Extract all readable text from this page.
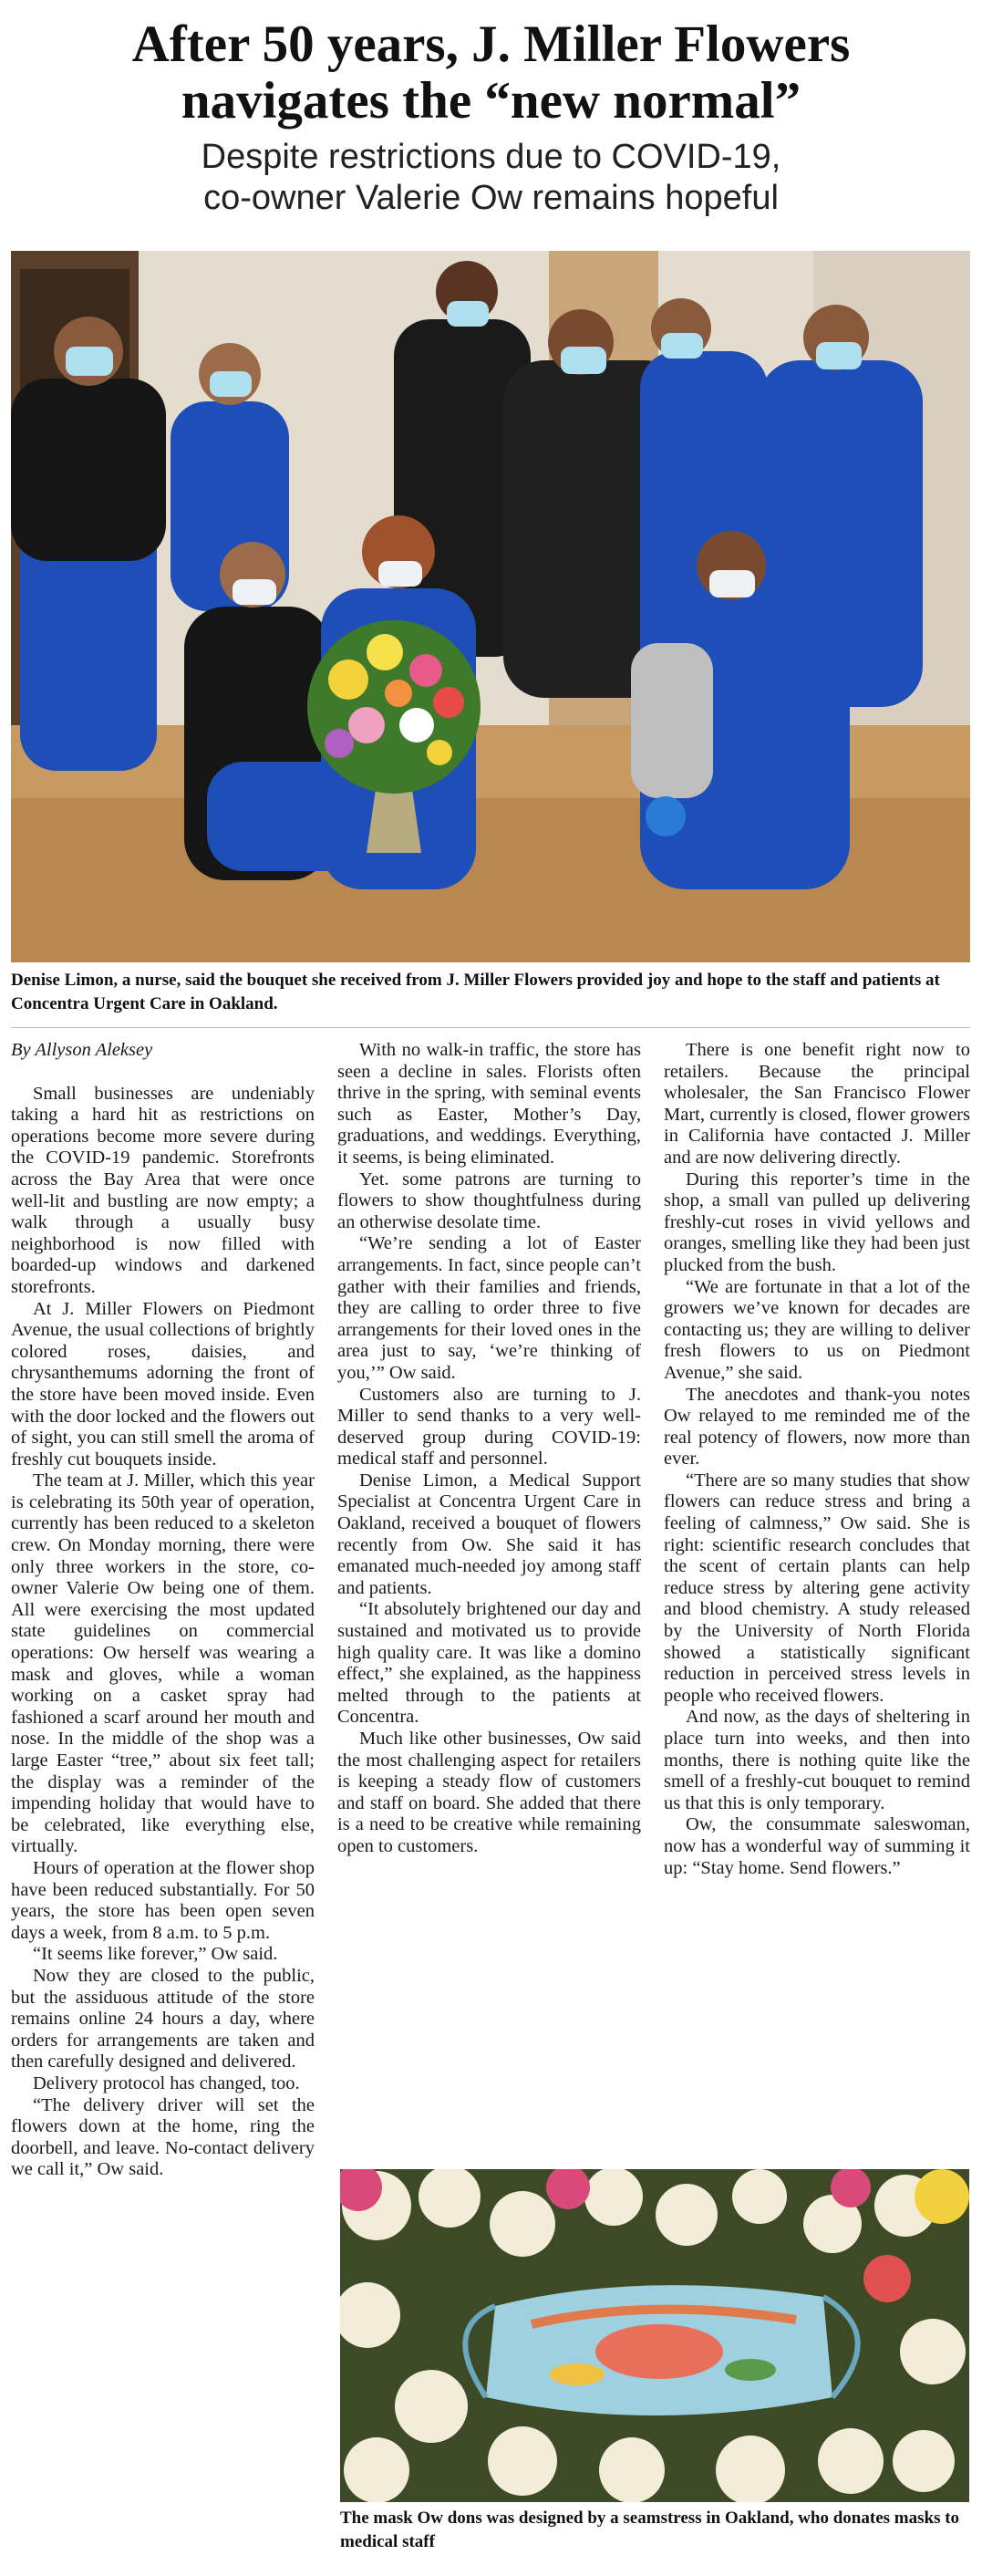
After 50 years, J. Miller Flowers
navigates the “new normal”
Despite restrictions due to COVID-19,
co-owner Valerie Ow remains hopeful
Denise Limon, a nurse, said the bouquet she received from J. Miller Flowers provided joy and hope to the staff and patients at Concentra Urgent Care in Oakland.

By Allyson Aleksey

Small businesses are undeniably taking a hard hit as restrictions on operations become more severe during the COVID-19 pandemic. Storefronts across the Bay Area that were once well-lit and bustling are now empty; a walk through a usually busy neighborhood is now filled with boarded-up windows and darkened storefronts.

At J. Miller Flowers on Piedmont Avenue, the usual collections of brightly colored roses, daisies, and chrysanthemums adorning the front of the store have been moved inside. Even with the door locked and the flowers out of sight, you can still smell the aroma of freshly cut bouquets inside.

The team at J. Miller, which this year is celebrating its 50th year of operation, currently has been reduced to a skeleton crew. On Monday morning, there were only three workers in the store, co-owner Valerie Ow being one of them. All were exercising the most updated state guidelines on commercial operations: Ow herself was wearing a mask and gloves, while a woman working on a casket spray had fashioned a scarf around her mouth and nose. In the middle of the shop was a large Easter “tree,” about six feet tall; the display was a reminder of the impending holiday that would have to be celebrated, like everything else, virtually.

Hours of operation at the flower shop have been reduced substantially. For 50 years, the store has been open seven days a week, from 8 a.m. to 5 p.m.

“It seems like forever,” Ow said.

Now they are closed to the public, but the assiduous attitude of the store remains online 24 hours a day, where orders for arrangements are taken and then carefully designed and delivered.

Delivery protocol has changed, too.

“The delivery driver will set the flowers down at the home, ring the doorbell, and leave. No-contact delivery we call it,” Ow said.

With no walk-in traffic, the store has seen a decline in sales. Florists often thrive in the spring, with seminal events such as Easter, Mother’s Day, graduations, and weddings. Everything, it seems, is being eliminated.

Yet. some patrons are turning to flowers to show thoughtfulness during an otherwise desolate time.

“We’re sending a lot of Easter arrangements. In fact, since people can’t gather with their families and friends, they are calling to order three to five arrangements for their loved ones in the area just to say, ‘we’re thinking of you,’” Ow said.

Customers also are turning to J. Miller to send thanks to a very well-deserved group during COVID-19: medical staff and personnel.

Denise Limon, a Medical Support Specialist at Concentra Urgent Care in Oakland, received a bouquet of flowers recently from Ow. She said it has emanated much-needed joy among staff and patients.

“It absolutely brightened our day and sustained and motivated us to provide high quality care. It was like a domino effect,” she explained, as the happiness melted through to the patients at Concentra.

Much like other businesses, Ow said the most challenging aspect for retailers is keeping a steady flow of customers and staff on board. She added that there is a need to be creative while remaining open to customers.

There is one benefit right now to retailers. Because the principal wholesaler, the San Francisco Flower Mart, currently is closed, flower growers in California have contacted J. Miller and are now delivering directly.

During this reporter’s time in the shop, a small van pulled up delivering freshly-cut roses in vivid yellows and oranges, smelling like they had been just plucked from the bush.

“We are fortunate in that a lot of the growers we’ve known for decades are contacting us; they are willing to deliver fresh flowers to us on Piedmont Avenue,” she said.

The anecdotes and thank-you notes Ow relayed to me reminded me of the real potency of flowers, now more than ever.

“There are so many studies that show flowers can reduce stress and bring a feeling of calmness,” Ow said. She is right: scientific research concludes that the scent of certain plants can help reduce stress by altering gene activity and blood chemistry. A study released by the University of North Florida showed a statistically significant reduction in perceived stress levels in people who received flowers.

And now, as the days of sheltering in place turn into weeks, and then into months, there is nothing quite like the smell of a freshly-cut bouquet to remind us that this is only temporary.

Ow, the consummate saleswoman, now has a wonderful way of summing it up: “Stay home. Send flowers.”

The mask Ow dons was designed by a seamstress in Oakland, who donates masks to medical staff
